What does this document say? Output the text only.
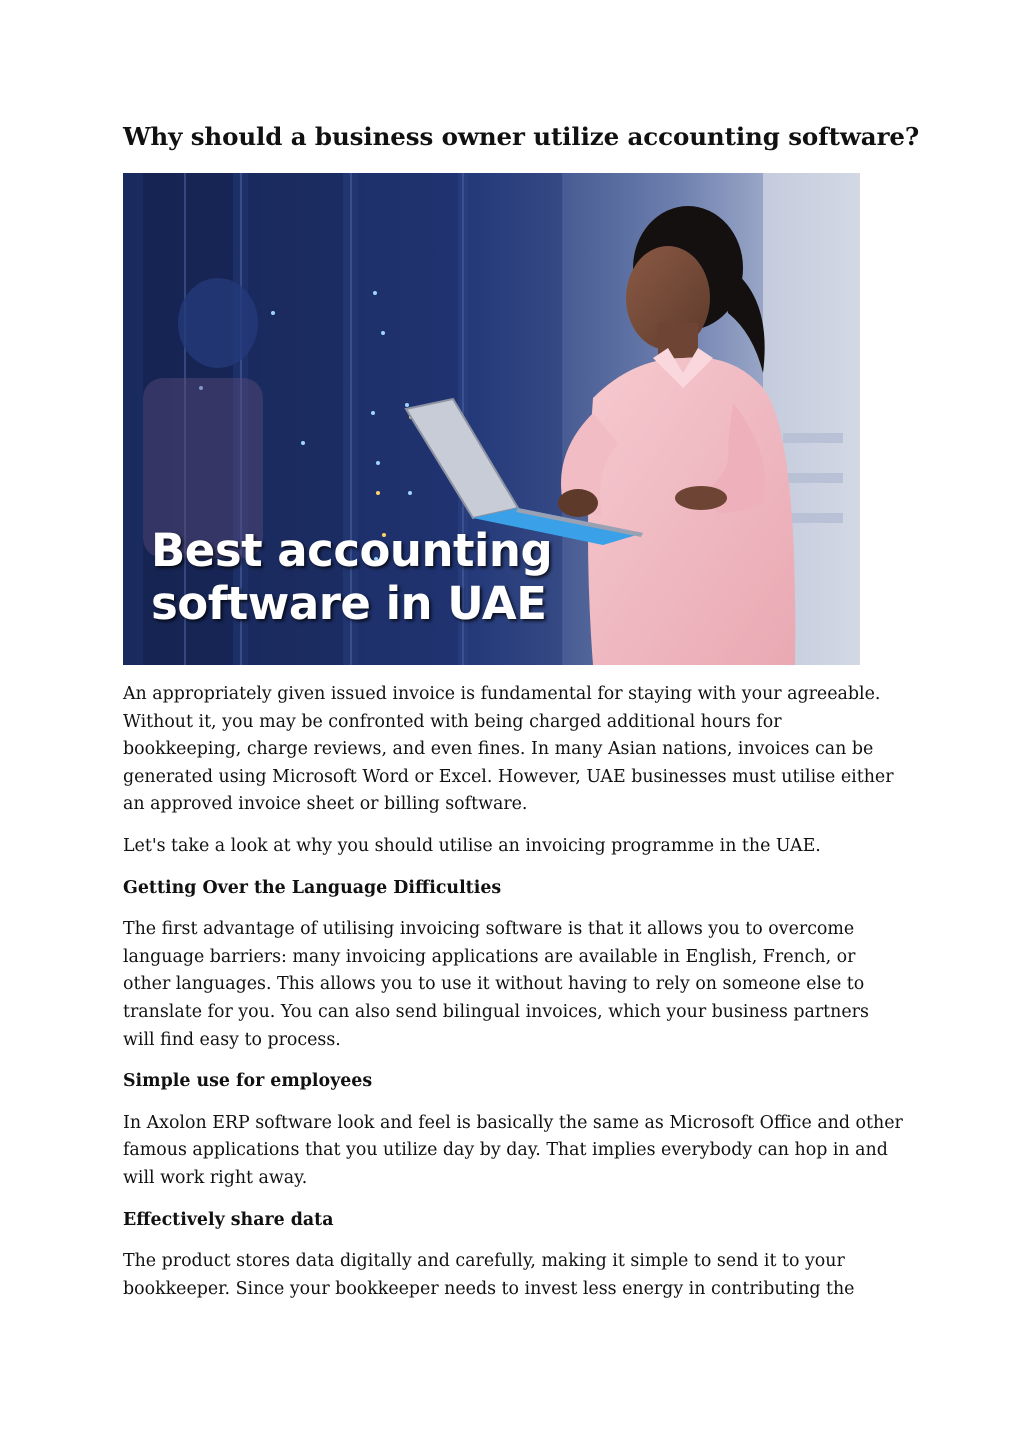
Why should a business owner utilize accounting software?

Best accounting
software in UAE

An appropriately given issued invoice is fundamental for staying with your agreeable. Without it, you may be confronted with being charged additional hours for bookkeeping, charge reviews, and even fines. In many Asian nations, invoices can be generated using Microsoft Word or Excel. However, UAE businesses must utilise either an approved invoice sheet or billing software.

Let's take a look at why you should utilise an invoicing programme in the UAE.

Getting Over the Language Difficulties

The first advantage of utilising invoicing software is that it allows you to overcome language barriers: many invoicing applications are available in English, French, or other languages. This allows you to use it without having to rely on someone else to translate for you. You can also send bilingual invoices, which your business partners will find easy to process.

Simple use for employees

In Axolon ERP software look and feel is basically the same as Microsoft Office and other famous applications that you utilize day by day. That implies everybody can hop in and will work right away.

Effectively share data

The product stores data digitally and carefully, making it simple to send it to your bookkeeper. Since your bookkeeper needs to invest less energy in contributing the
